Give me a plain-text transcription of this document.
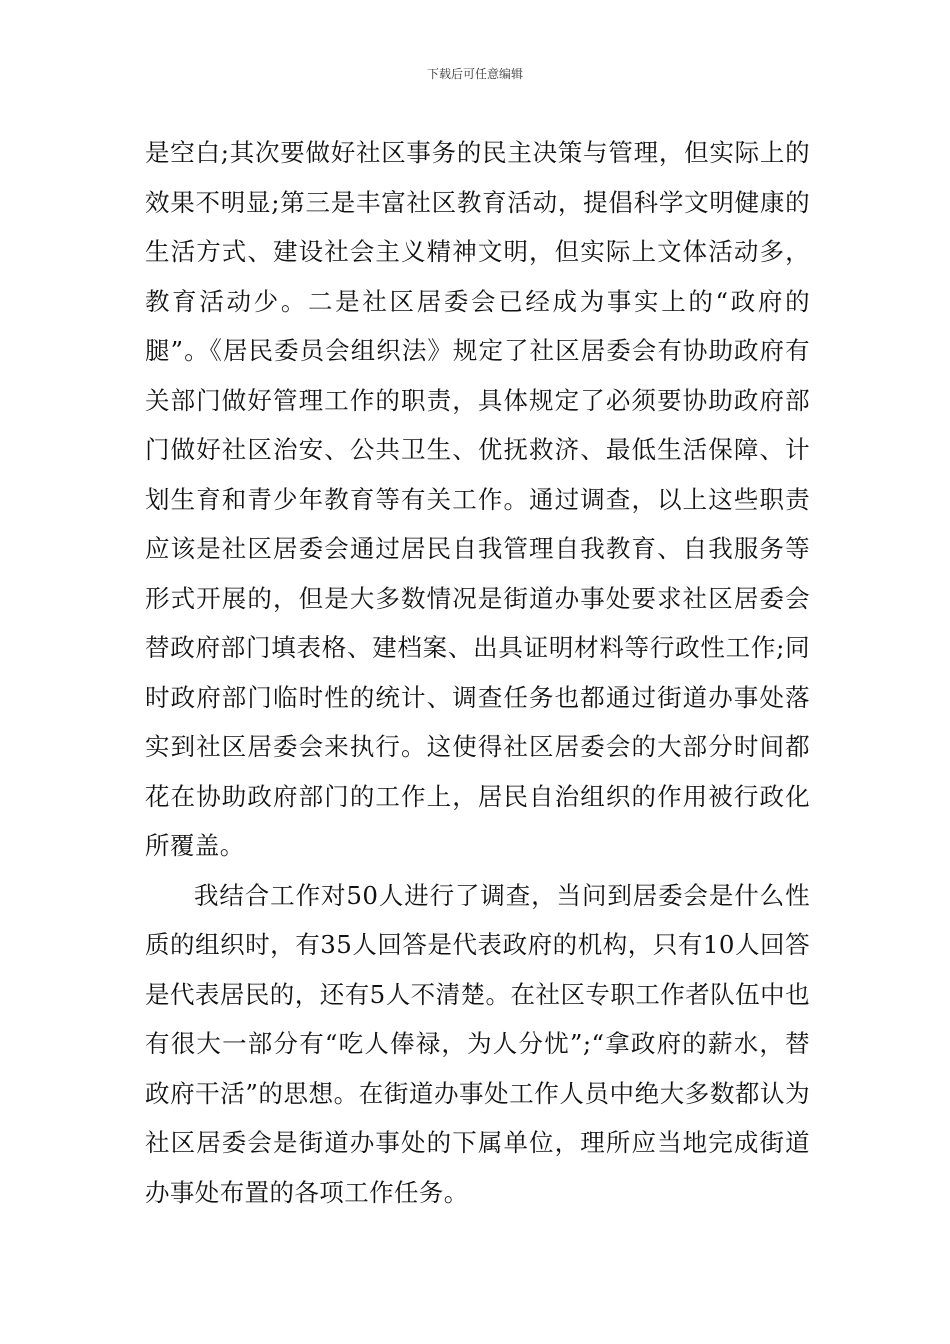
下载后可任意编辑

是空白;其次要做好社区事务的民主决策与管理，但实际上的效果不明显;第三是丰富社区教育活动，提倡科学文明健康的生活方式、建设社会主义精神文明，但实际上文体活动多，教育活动少。二是社区居委会已经成为事实上的“政府的腿”。《居民委员会组织法》规定了社区居委会有协助政府有关部门做好管理工作的职责，具体规定了必须要协助政府部门做好社区治安、公共卫生、优抚救济、最低生活保障、计划生育和青少年教育等有关工作。通过调查，以上这些职责应该是社区居委会通过居民自我管理自我教育、自我服务等形式开展的，但是大多数情况是街道办事处要求社区居委会替政府部门填表格、建档案、出具证明材料等行政性工作;同时政府部门临时性的统计、调查任务也都通过街道办事处落实到社区居委会来执行。这使得社区居委会的大部分时间都花在协助政府部门的工作上，居民自治组织的作用被行政化所覆盖。

我结合工作对50人进行了调查，当问到居委会是什么性质的组织时，有35人回答是代表政府的机构，只有10人回答是代表居民的，还有5人不清楚。在社区专职工作者队伍中也有很大一部分有“吃人俸禄，为人分忧”;“拿政府的薪水，替政府干活”的思想。在街道办事处工作人员中绝大多数都认为社区居委会是街道办事处的下属单位，理所应当地完成街道办事处布置的各项工作任务。
